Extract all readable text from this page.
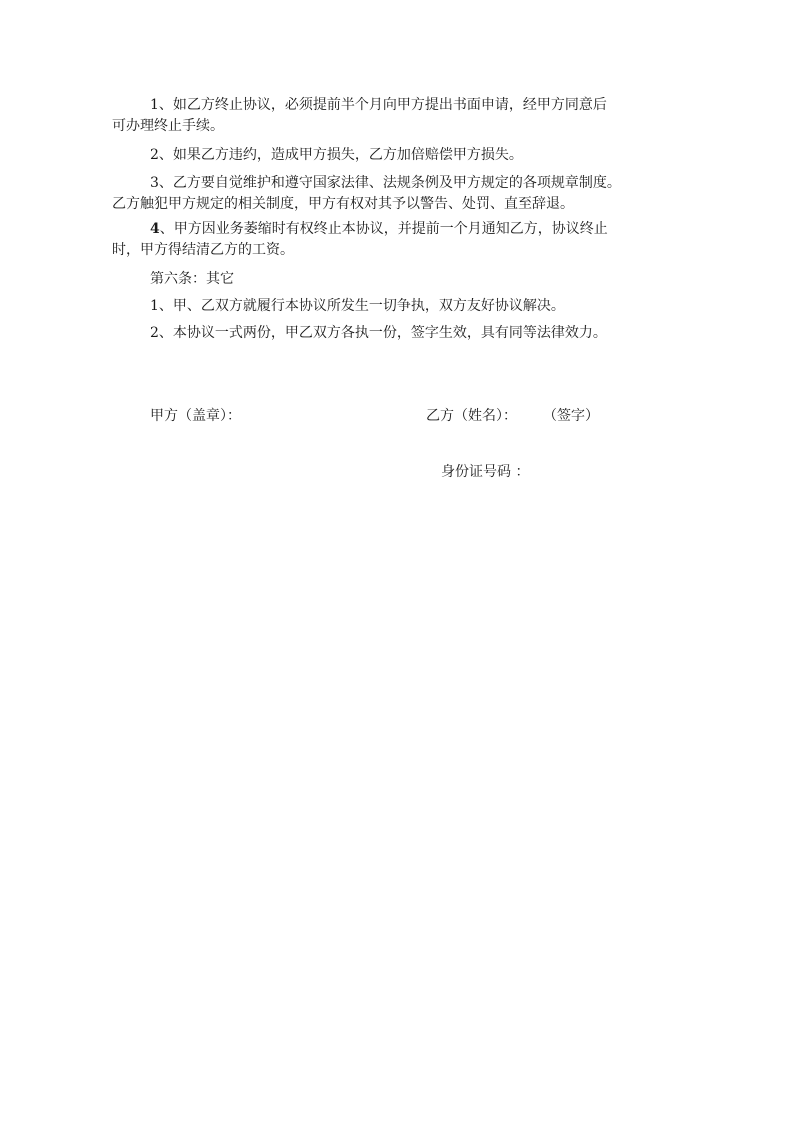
1、如乙方终止协议，必须提前半个月向甲方提出书面申请，经甲方同意后
可办理终止手续。
2、如果乙方违约，造成甲方损失，乙方加倍赔偿甲方损失。
3、乙方要自觉维护和遵守国家法律、法规条例及甲方规定的各项规章制度。
乙方触犯甲方规定的相关制度，甲方有权对其予以警告、处罚、直至辞退。
4、甲方因业务萎缩时有权终止本协议，并提前一个月通知乙方，协议终止
时，甲方得结清乙方的工资。
第六条：其它
1、甲、乙双方就履行本协议所发生一切争执，双方友好协议解决。
2、本协议一式两份，甲乙双方各执一份，签字生效，具有同等法律效力。
甲方（盖章）：	乙方（姓名）： （签字）
身份证号码 ：
